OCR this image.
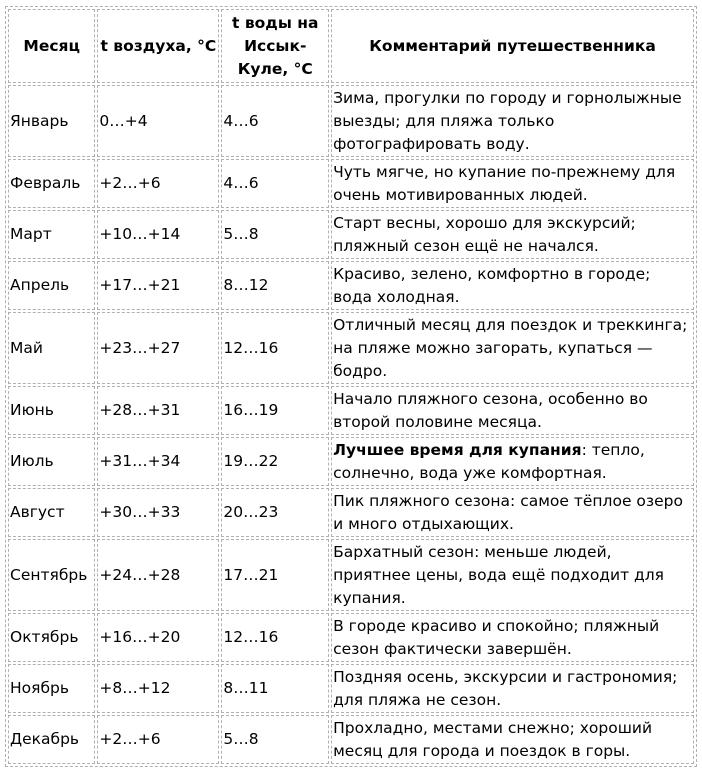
Месяц	t воздуха, °C	t воды на Иссык-Куле, °C	Комментарий путешественника
Январь	0…+4	4…6	Зима, прогулки по городу и горнолыжные выезды; для пляжа только фотографировать воду.
Февраль	+2…+6	4…6	Чуть мягче, но купание по-прежнему для очень мотивированных людей.
Март	+10…+14	5…8	Старт весны, хорошо для экскурсий; пляжный сезон ещё не начался.
Апрель	+17…+21	8…12	Красиво, зелено, комфортно в городе; вода холодная.
Май	+23…+27	12…16	Отличный месяц для поездок и треккинга; на пляже можно загорать, купаться — бодро.
Июнь	+28…+31	16…19	Начало пляжного сезона, особенно во второй половине месяца.
Июль	+31…+34	19…22	Лучшее время для купания: тепло, солнечно, вода уже комфортная.
Август	+30…+33	20…23	Пик пляжного сезона: самое тёплое озеро и много отдыхающих.
Сентябрь	+24…+28	17…21	Бархатный сезон: меньше людей, приятнее цены, вода ещё подходит для купания.
Октябрь	+16…+20	12…16	В городе красиво и спокойно; пляжный сезон фактически завершён.
Ноябрь	+8…+12	8…11	Поздняя осень, экскурсии и гастрономия; для пляжа не сезон.
Декабрь	+2…+6	5…8	Прохладно, местами снежно; хороший месяц для города и поездок в горы.
